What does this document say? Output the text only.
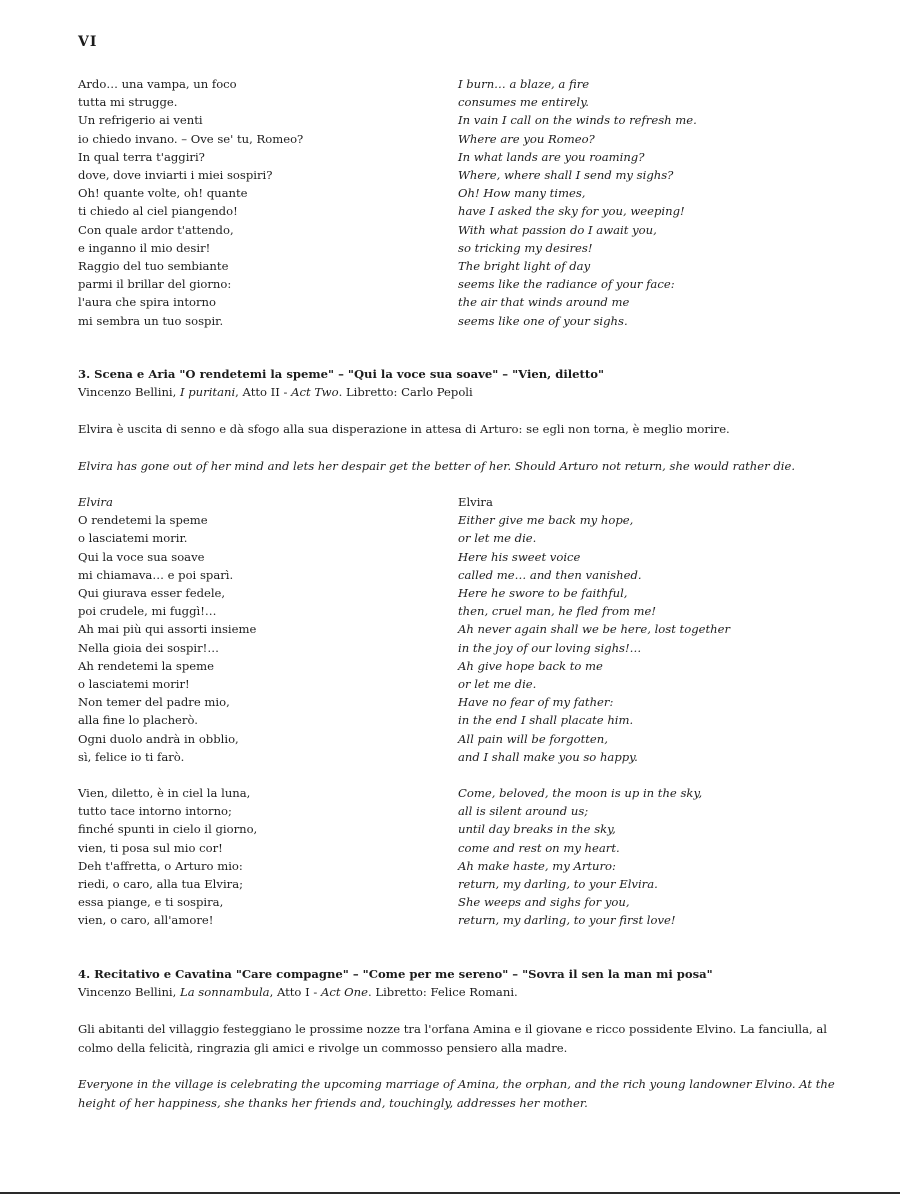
VI
Ardo… una vampa, un foco
tutta mi strugge.
Un refrigerio ai venti
io chiedo invano. – Ove se' tu, Romeo?
In qual terra t'aggiri?
dove, dove inviarti i miei sospiri?
Oh! quante volte, oh! quante
ti chiedo al ciel piangendo!
Con quale ardor t'attendo,
e inganno il mio desir!
Raggio del tuo sembiante
parmi il brillar del giorno:
l'aura che spira intorno
mi sembra un tuo sospir.
I burn… a blaze, a fire
consumes me entirely.
In vain I call on the winds to refresh me.
Where are you Romeo?
In what lands are you roaming?
Where, where shall I send my sighs?
Oh! How many times,
have I asked the sky for you, weeping!
With what passion do I await you,
so tricking my desires!
The bright light of day
seems like the radiance of your face:
the air that winds around me
seems like one of your sighs.
3. Scena e Aria "O rendetemi la speme" – "Qui la voce sua soave" – "Vien, diletto"
Vincenzo Bellini, I puritani, Atto II - Act Two. Libretto: Carlo Pepoli
Elvira è uscita di senno e dà sfogo alla sua disperazione in attesa di Arturo: se egli non torna, è meglio morire.
Elvira has gone out of her mind and lets her despair get the better of her. Should Arturo not return, she would rather die.
Elvira
O rendetemi la speme
o lasciatemi morir.
Qui la voce sua soave
mi chiamava… e poi sparì.
Qui giurava esser fedele,
poi crudele, mi fuggì!…
Ah mai più qui assorti insieme
Nella gioia dei sospir!…
Ah rendetemi la speme
o lasciatemi morir!
Non temer del padre mio,
alla fine lo placherò.
Ogni duolo andrà in obblio,
sì, felice io ti farò.
Elvira
Either give me back my hope,
or let me die.
Here his sweet voice
called me… and then vanished.
Here he swore to be faithful,
then, cruel man, he fled from me!
Ah never again shall we be here, lost together
in the joy of our loving sighs!…
Ah give hope back to me
or let me die.
Have no fear of my father:
in the end I shall placate him.
All pain will be forgotten,
and I shall make you so happy.
Vien, diletto, è in ciel la luna,
tutto tace intorno intorno;
finché spunti in cielo il giorno,
vien, ti posa sul mio cor!
Deh t'affretta, o Arturo mio:
riedi, o caro, alla tua Elvira;
essa piange, e ti sospira,
vien, o caro, all'amore!
Come, beloved, the moon is up in the sky,
all is silent around us;
until day breaks in the sky,
come and rest on my heart.
Ah make haste, my Arturo:
return, my darling, to your Elvira.
She weeps and sighs for you,
return, my darling, to your first love!
4. Recitativo e Cavatina "Care compagne" – "Come per me sereno" – "Sovra il sen la man mi posa"
Vincenzo Bellini, La sonnambula, Atto I - Act One. Libretto: Felice Romani.
Gli abitanti del villaggio festeggiano le prossime nozze tra l'orfana Amina e il giovane e ricco possidente Elvino. La fanciulla, al colmo della felicità, ringrazia gli amici e rivolge un commosso pensiero alla madre.
Everyone in the village is celebrating the upcoming marriage of Amina, the orphan, and the rich young landowner Elvino. At the height of her happiness, she thanks her friends and, touchingly, addresses her mother.
